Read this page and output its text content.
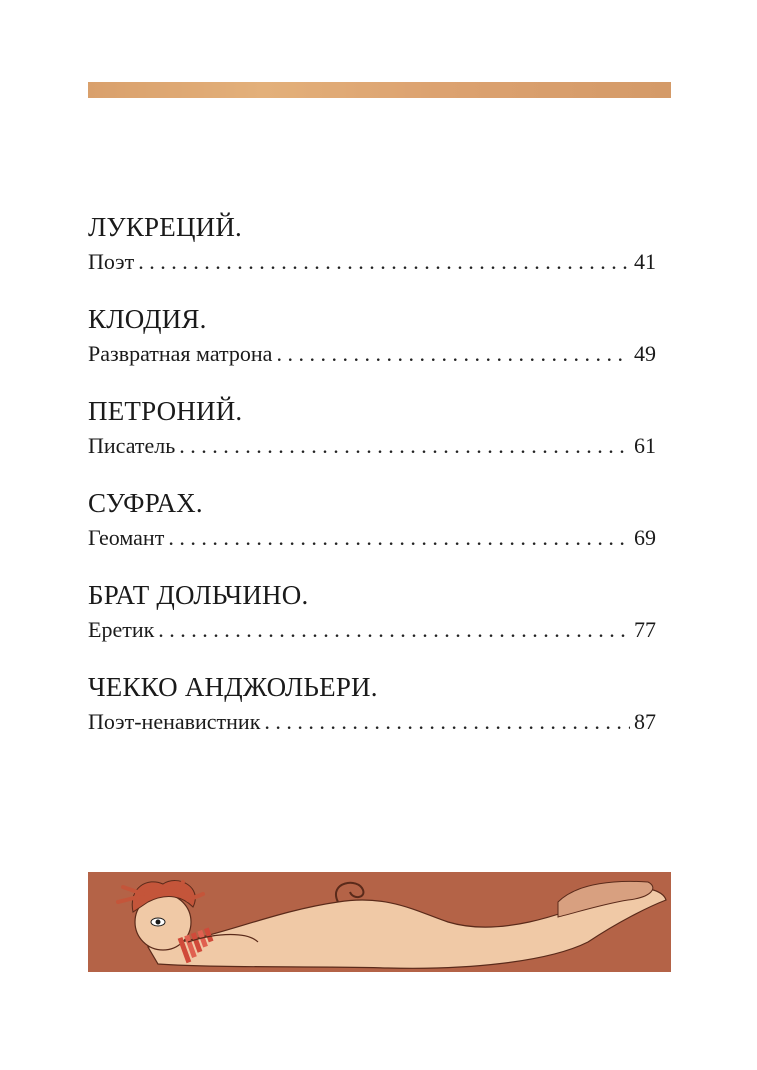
ЛУКРЕЦИЙ.
Поэт . . .	41
КЛОДИЯ.
Развратная матрона . . .	49
ПЕТРОНИЙ.
Писатель . . .	61
СУФРАХ.
Геомант . . .	69
БРАТ ДОЛЬЧИНО.
Еретик . . .	77
ЧЕККО АНДЖОЛЬЕРИ.
Поэт-ненавистник . . .	87
